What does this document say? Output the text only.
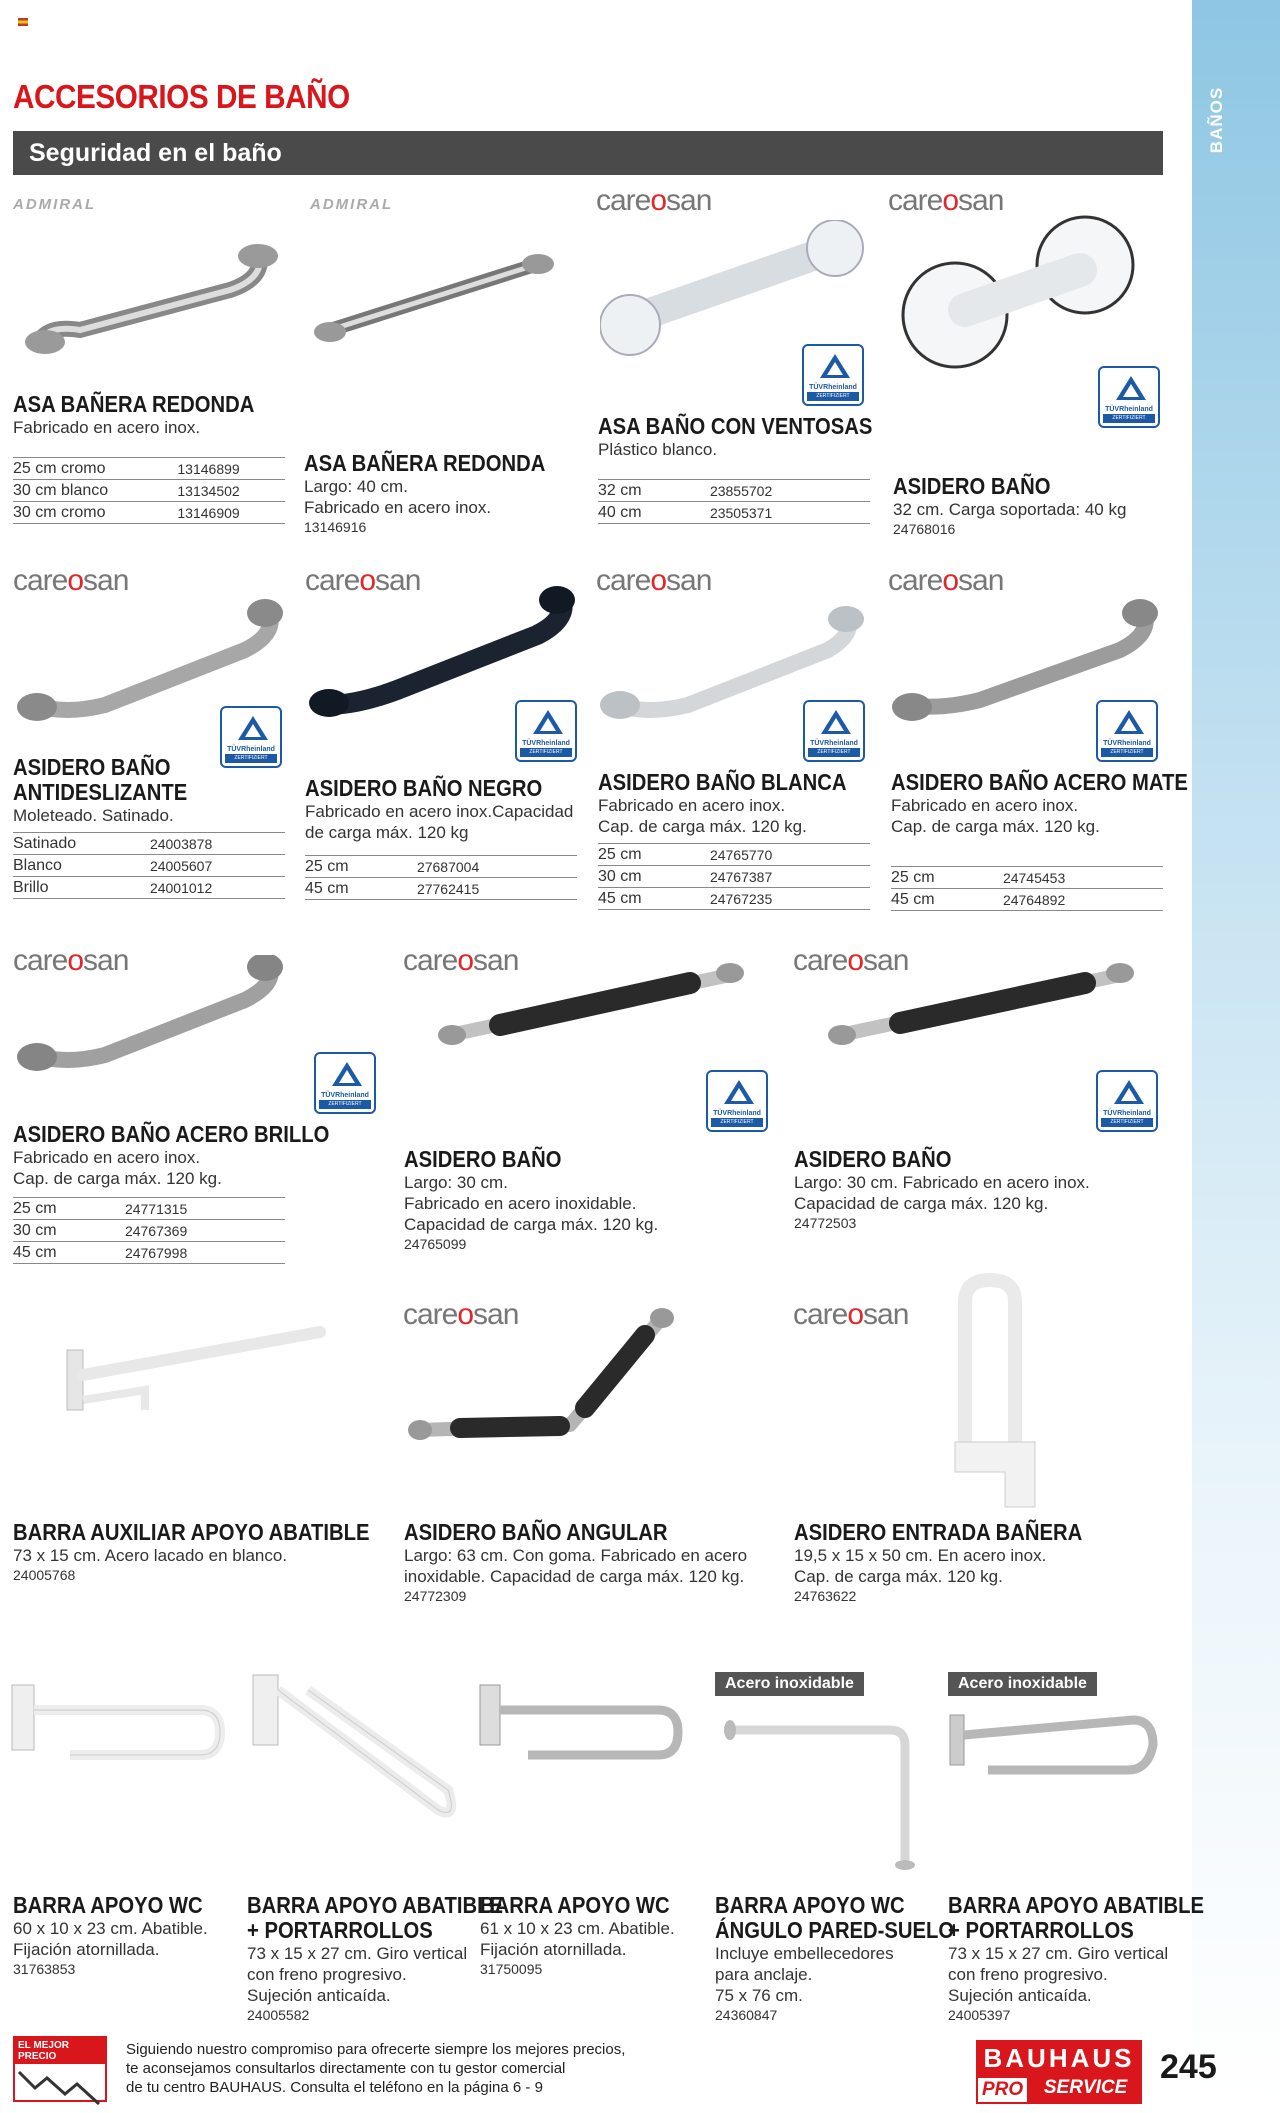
BAÑOS
ACCESORIOS DE BAÑO
Seguridad en el baño
ADMIRAL	ADMIRAL	careosan	careosan
TÜVRheinland
ZERTIFIZIERT
TÜVRheinland
ZERTIFIZIERT
ASA BAÑERA REDONDA
Fabricado en acero inox.
25 cm cromo	13146899
30 cm blanco	13134502
30 cm cromo	13146909
ASA BAÑERA REDONDA
Largo: 40 cm.
Fabricado en acero inox.
13146916
ASA BAÑO CON VENTOSAS
Plástico blanco.
32 cm	23855702
40 cm	23505371
ASIDERO BAÑO
32 cm. Carga soportada: 40 kg
24768016
careosan	careosan	careosan	careosan
TÜVRheinland
ZERTIFIZIERT
TÜVRheinland
ZERTIFIZIERT
TÜVRheinland
ZERTIFIZIERT
TÜVRheinland
ZERTIFIZIERT
ASIDERO BAÑO
ANTIDESLIZANTE
Moleteado. Satinado.
Satinado	24003878
Blanco	24005607
Brillo	24001012
ASIDERO BAÑO NEGRO
Fabricado en acero inox.Capacidad
de carga máx. 120 kg
25 cm	27687004
45 cm	27762415
ASIDERO BAÑO BLANCA
Fabricado en acero inox.
Cap. de carga máx. 120 kg.
25 cm	24765770
30 cm	24767387
45 cm	24767235
ASIDERO BAÑO ACERO MATE
Fabricado en acero inox.
Cap. de carga máx. 120 kg.
25 cm	24745453
45 cm	24764892
careosan	careosan	careosan
TÜVRheinland
ZERTIFIZIERT
TÜVRheinland
ZERTIFIZIERT
TÜVRheinland
ZERTIFIZIERT
ASIDERO BAÑO ACERO BRILLO
Fabricado en acero inox.
Cap. de carga máx. 120 kg.
25 cm	24771315
30 cm	24767369
45 cm	24767998
ASIDERO BAÑO
Largo: 30 cm.
Fabricado en acero inoxidable.
Capacidad de carga máx. 120 kg.
24765099
ASIDERO BAÑO
Largo: 30 cm. Fabricado en acero inox.
Capacidad de carga máx. 120 kg.
24772503
careosan	careosan
BARRA AUXILIAR APOYO ABATIBLE
73 x 15 cm. Acero lacado en blanco.
24005768
ASIDERO BAÑO ANGULAR
Largo: 63 cm. Con goma. Fabricado en acero
inoxidable. Capacidad de carga máx. 120 kg.
24772309
ASIDERO ENTRADA BAÑERA
19,5 x 15 x 50 cm. En acero inox.
Cap. de carga máx. 120 kg.
24763622
Acero inoxidable	Acero inoxidable
BARRA APOYO WC
60 x 10 x 23 cm. Abatible.
Fijación atornillada.
31763853
BARRA APOYO ABATIBLE
+ PORTARROLLOS
73 x 15 x 27 cm. Giro vertical
con freno progresivo.
Sujeción anticaída.
24005582
BARRA APOYO WC
61 x 10 x 23 cm. Abatible.
Fijación atornillada.
31750095
BARRA APOYO WC
ÁNGULO PARED-SUELO
Incluye embellecedores
para anclaje.
75 x 76 cm.
24360847
BARRA APOYO ABATIBLE
+ PORTARROLLOS
73 x 15 x 27 cm. Giro vertical
con freno progresivo.
Sujeción anticaída.
24005397
EL MEJOR PRECIO	Siguiendo nuestro compromiso para ofrecerte siempre los mejores precios,
te aconsejamos consultarlos directamente con tu gestor comercial
de tu centro BAUHAUS. Consulta el teléfono en la página 6 - 9
BAUHAUS
PRO	SERVICE
245
